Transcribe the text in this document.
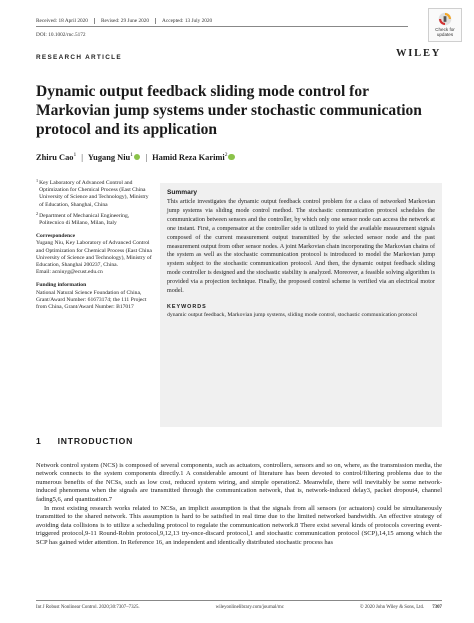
Received: 18 April 2020	Revised: 29 June 2020	Accepted: 13 July 2020
DOI: 10.1002/rnc.5172
Check for updates
RESEARCH ARTICLE	WILEY
Dynamic output feedback sliding mode control for Markovian jump systems under stochastic communication protocol and its application
Zhiru Cao$^1$ | Yugang Niu$^1$	| Hamid Reza Karimi$^2$
1 Key Laboratory of Advanced Control and Optimization for Chemical Process (East China University of Science and Technology), Ministry of Education, Shanghai, China
2 Department of Mechanical Engineering, Politecnico di Milano, Milan, Italy
Correspondence

Yugang Niu, Key Laboratory of Advanced Control and Optimization for Chemical Process (East China University of Science and Technology), Ministry of Education, Shanghai 200237, China.

Email: acniuyg@ecust.edu.cn

Funding information

National Natural Science Foundation of China, Grant/Award Number: 61673174; the 111 Project from China, Grant/Award Number: B17017

Summary
This article investigates the dynamic output feedback control problem for a class of networked Markovian jump systems via sliding mode control method. The stochastic communication protocol schedules the communication between sensors and the controller, by which only one sensor node can access the network at one instant. First, a compensator at the controller side is utilized to yield the available measurement signals composed of the current measurement output transmitted by the selected sensor node and the past measurement output from other sensor nodes. A joint Markovian chain incorporating the Markovian chains of the system as well as the stochastic communication protocol is introduced to model the Markovian jump system subject to the stochastic communication protocol. And then, the dynamic output feedback sliding mode controller is designed and the stochastic stability is analyzed. Moreover, a feasible solving algorithm is provided via a projection technique. Finally, the proposed control scheme is verified via an electrical motor model.
KEYWORDS
dynamic output feedback, Markovian jump systems, sliding mode control, stochastic communication protocol
1 INTRODUCTION

Network control system (NCS) is composed of several components, such as actuators, controllers, sensors and so on, where, as the transmission media, the network connects to the system components directly.1 A considerable amount of literature has been devoted to control/filtering problems due to the numerous benefits of the NCSs, such as low cost, reduced system wiring, and simple operation2. Meanwhile, there will inevitably be some network-induced phenomena when the signals are transmitted through the communication network, that is, network-induced delay3, packet dropout4, channel fading5,6, and quantization.7

In most existing research works related to NCSs, an implicit assumption is that the signals from all sensors (or actuators) could be simultaneously transmitted to the shared network. This assumption is hard to be satisfied in real time due to the limited networked bandwidth. An effective strategy of avoiding data collisions is to utilize a scheduling protocol to regulate the communication network.8 There exist several kinds of protocols covering event-triggered protocol,9-11 Round-Robin protocol,9,12,13 try-once-discard protocol,1 and stochastic communication protocol (SCP),14,15 among which the SCP has gained wider attention. In Reference 16, an independent and identically distributed stochastic process has

Int J Robust Nonlinear Control. 2020;30:7307–7325.	wileyonlinelibrary.com/journal/rnc	© 2020 John Wiley & Sons, Ltd. 7307
